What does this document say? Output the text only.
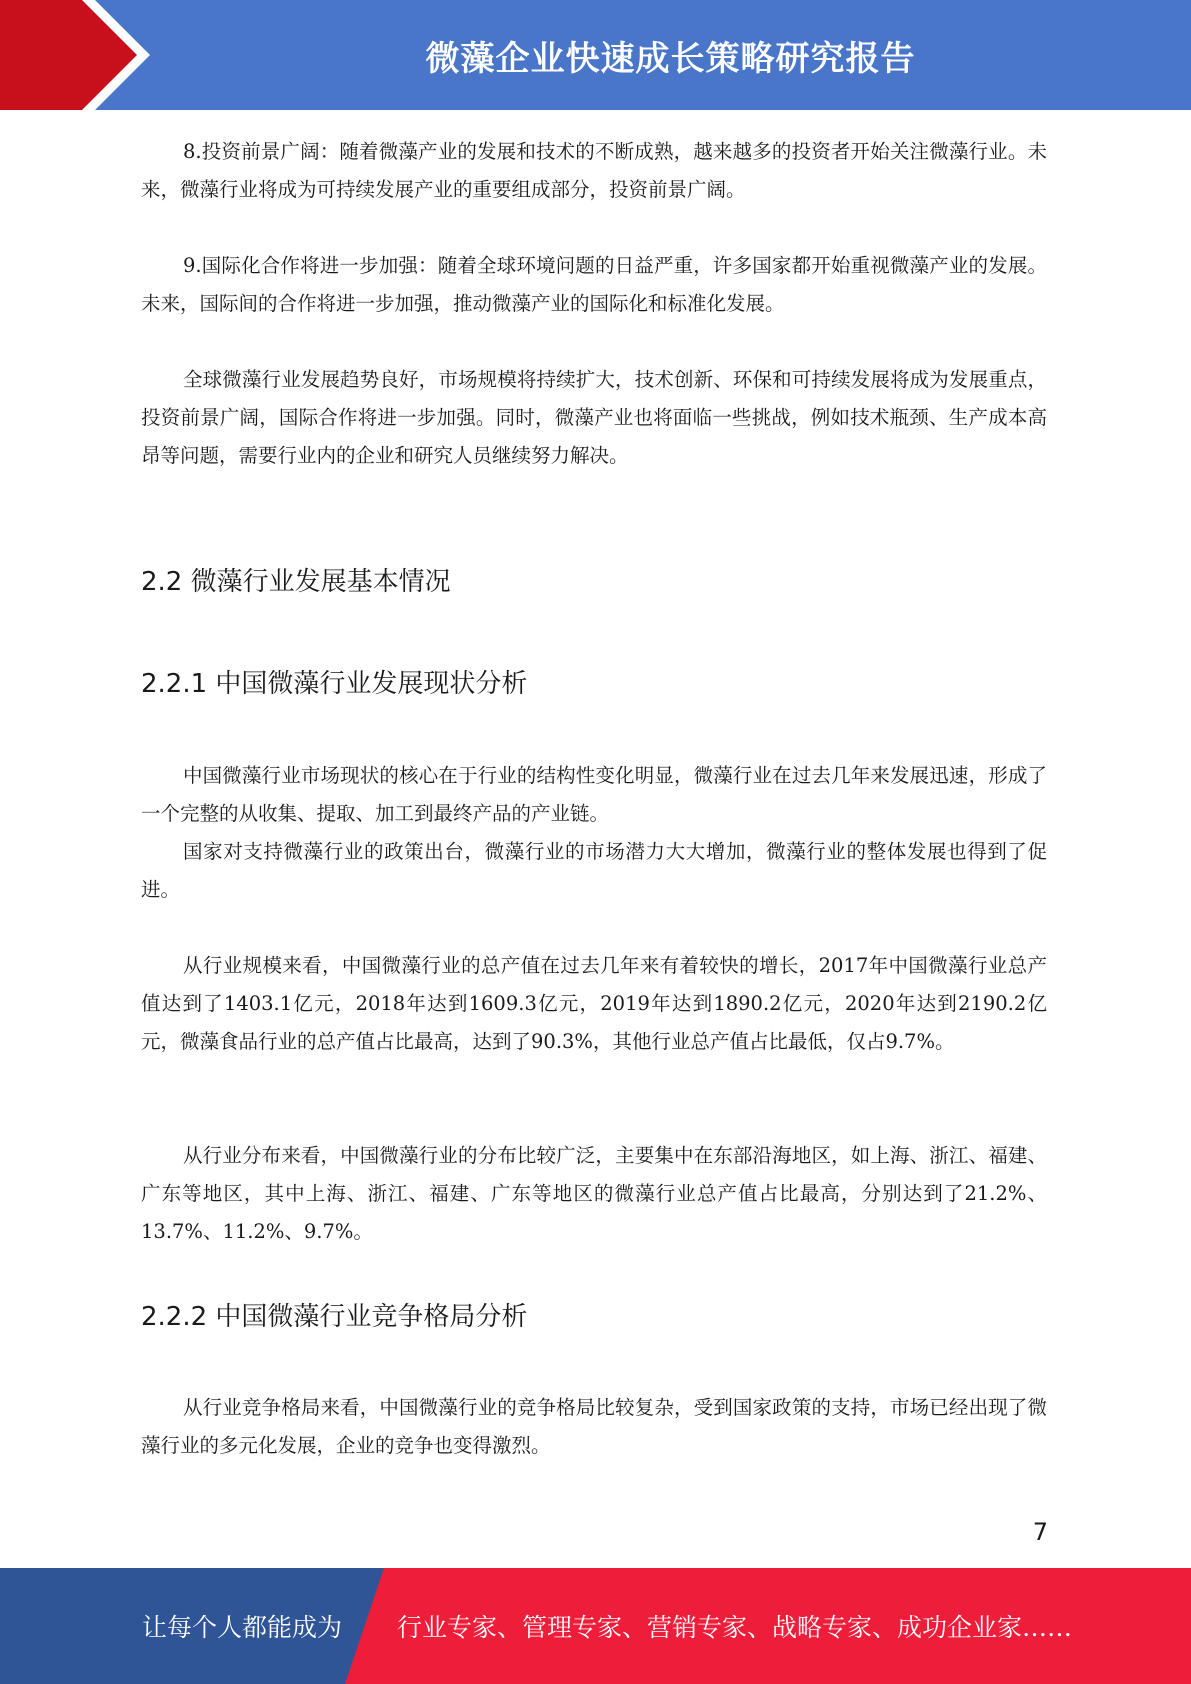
微藻企业快速成长策略研究报告

8.投资前景广阔：随着微藻产业的发展和技术的不断成熟，越来越多的投资者开始关注微藻行业。未来，微藻行业将成为可持续发展产业的重要组成部分，投资前景广阔。

9.国际化合作将进一步加强：随着全球环境问题的日益严重，许多国家都开始重视微藻产业的发展。未来，国际间的合作将进一步加强，推动微藻产业的国际化和标准化发展。

全球微藻行业发展趋势良好，市场规模将持续扩大，技术创新、环保和可持续发展将成为发展重点，投资前景广阔，国际合作将进一步加强。同时，微藻产业也将面临一些挑战，例如技术瓶颈、生产成本高昂等问题，需要行业内的企业和研究人员继续努力解决。

2.2 微藻行业发展基本情况
2.2.1 中国微藻行业发展现状分析

中国微藻行业市场现状的核心在于行业的结构性变化明显，微藻行业在过去几年来发展迅速，形成了一个完整的从收集、提取、加工到最终产品的产业链。

国家对支持微藻行业的政策出台，微藻行业的市场潜力大大增加，微藻行业的整体发展也得到了促进。

从行业规模来看，中国微藻行业的总产值在过去几年来有着较快的增长，2017年中国微藻行业总产值达到了1403.1亿元，2018年达到1609.3亿元，2019年达到1890.2亿元，2020年达到2190.2亿元，微藻食品行业的总产值占比最高，达到了90.3%，其他行业总产值占比最低，仅占9.7%。

从行业分布来看，中国微藻行业的分布比较广泛，主要集中在东部沿海地区，如上海、浙江、福建、广东等地区，其中上海、浙江、福建、广东等地区的微藻行业总产值占比最高，分别达到了21.2%、13.7%、11.2%、9.7%。

2.2.2 中国微藻行业竞争格局分析

从行业竞争格局来看，中国微藻行业的竞争格局比较复杂，受到国家政策的支持，市场已经出现了微藻行业的多元化发展，企业的竞争也变得激烈。

7
让每个人都能成为 行业专家、管理专家、营销专家、战略专家、成功企业家……
